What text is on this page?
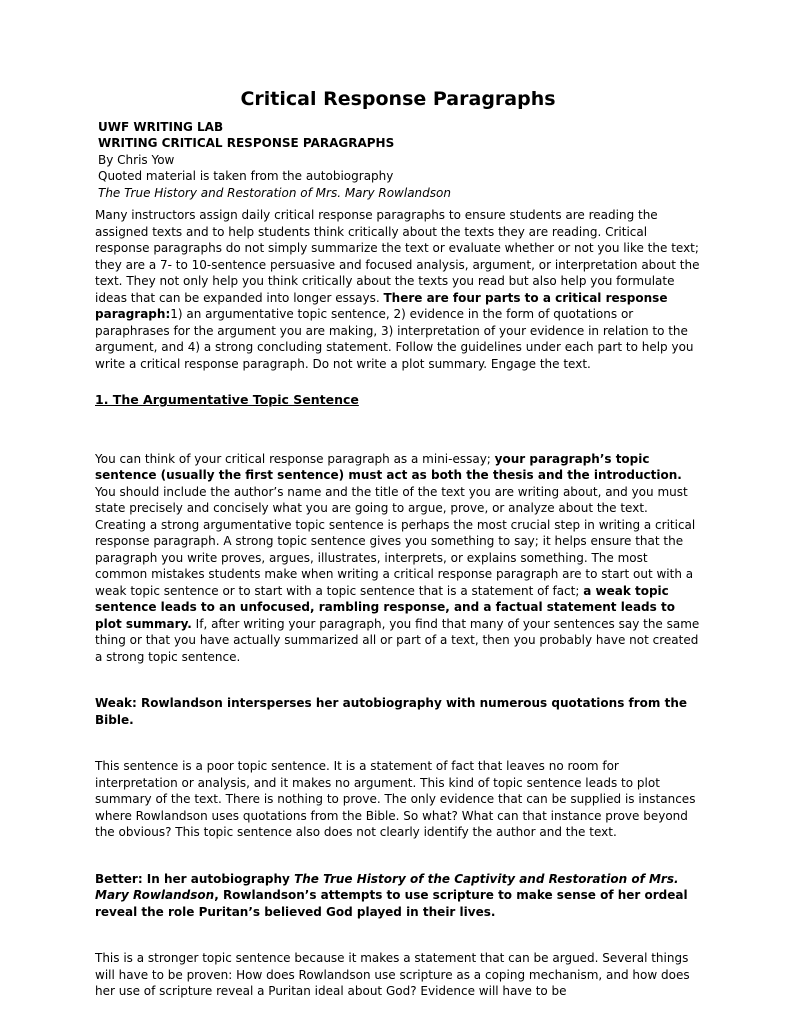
Critical Response Paragraphs
UWF WRITING LAB
WRITING CRITICAL RESPONSE PARAGRAPHS
By Chris Yow
Quoted material is taken from the autobiography
The True History and Restoration of Mrs. Mary Rowlandson

Many instructors assign daily critical response paragraphs to ensure students are reading the assigned texts and to help students think critically about the texts they are reading. Critical response paragraphs do not simply summarize the text or evaluate whether or not you like the text; they are a 7- to 10-sentence persuasive and focused analysis, argument, or interpretation about the text. They not only help you think critically about the texts you read but also help you formulate ideas that can be expanded into longer essays. There are four parts to a critical response paragraph:1) an argumentative topic sentence, 2) evidence in the form of quotations or paraphrases for the argument you are making, 3) interpretation of your evidence in relation to the argument, and 4) a strong concluding statement. Follow the guidelines under each part to help you write a critical response paragraph. Do not write a plot summary. Engage the text.

1. The Argumentative Topic Sentence

You can think of your critical response paragraph as a mini-essay; your paragraph’s topic sentence (usually the first sentence) must act as both the thesis and the introduction. You should include the author’s name and the title of the text you are writing about, and you must state precisely and concisely what you are going to argue, prove, or analyze about the text. Creating a strong argumentative topic sentence is perhaps the most crucial step in writing a critical response paragraph. A strong topic sentence gives you something to say; it helps ensure that the paragraph you write proves, argues, illustrates, interprets, or explains something. The most common mistakes students make when writing a critical response paragraph are to start out with a weak topic sentence or to start with a topic sentence that is a statement of fact; a weak topic sentence leads to an unfocused, rambling response, and a factual statement leads to plot summary. If, after writing your paragraph, you find that many of your sentences say the same thing or that you have actually summarized all or part of a text, then you probably have not created a strong topic sentence.

Weak: Rowlandson intersperses her autobiography with numerous quotations from the Bible.

This sentence is a poor topic sentence. It is a statement of fact that leaves no room for interpretation or analysis, and it makes no argument. This kind of topic sentence leads to plot summary of the text. There is nothing to prove. The only evidence that can be supplied is instances where Rowlandson uses quotations from the Bible. So what? What can that instance prove beyond the obvious? This topic sentence also does not clearly identify the author and the text.

Better: In her autobiography The True History of the Captivity and Restoration of Mrs. Mary Rowlandson, Rowlandson’s attempts to use scripture to make sense of her ordeal reveal the role Puritan’s believed God played in their lives.

This is a stronger topic sentence because it makes a statement that can be argued. Several things will have to be proven: How does Rowlandson use scripture as a coping mechanism, and how does her use of scripture reveal a Puritan ideal about God? Evidence will have to be
